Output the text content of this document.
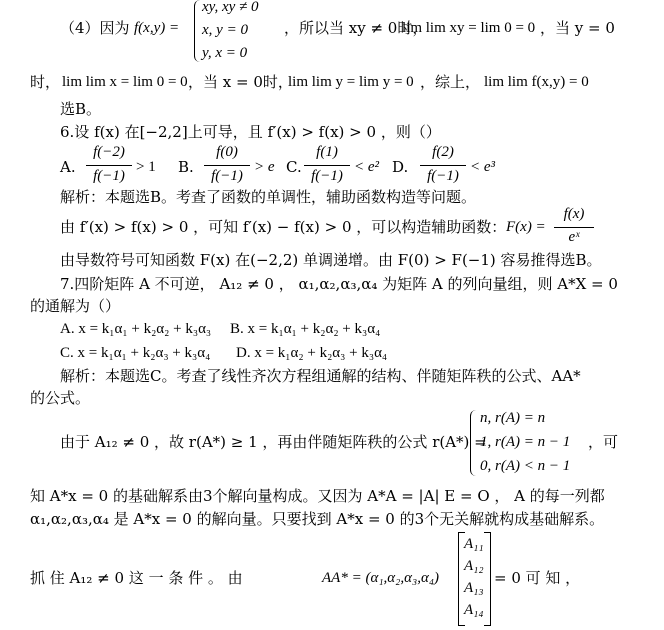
（4）因为 f(x,y) =
xy, xy ≠ 0
x, y = 0
y, x = 0
，所以当 xy ≠ 0时，
lim lim xy = lim 0 = 0 ，当 y = 0
时， lim lim x = lim 0 = 0 ，当 x = 0时，
lim lim y = lim y = 0 ，综上， lim lim f(x,y) = 0
选B。
6.设 f(x) 在[−2,2]上可导，且 f′(x) > f(x) > 0 ，则（）
A.
f(−2)
f(−1)
> 1 B.
f(0)
f(−1)
> e C.
f(1)
f(−1)
< e² D.
f(2)
f(−1)
< e³
解析：本题选B。考查了函数的单调性，辅助函数构造等问题。
由 f′(x) > f(x) > 0 ，可知 f′(x) − f(x) > 0 ，可以构造辅助函数： F(x) =
f(x)
eˣ
由导数符号可知函数 F(x) 在(−2,2) 单调递增。由 F(0) > F(−1) 容易推得选B。
7.四阶矩阵 A 不可逆， A₁₂ ≠ 0 ， α₁,α₂,α₃,α₄ 为矩阵 A 的列向量组，则 A*X = 0
的通解为（）
A. x = k₁α₁ + k₂α₂ + k₃α₃ B. x = k₁α₁ + k₂α₂ + k₃α₄
C. x = k₁α₁ + k₂α₃ + k₃α₄ D. x = k₁α₂ + k₂α₃ + k₃α₄
解析：本题选C。考查了线性齐次方程组通解的结构、伴随矩阵秩的公式、AA*
的公式。
由于 A₁₂ ≠ 0 ，故 r(A*) ≥ 1 ，再由伴随矩阵秩的公式 r(A*) =
n, r(A) = n
1, r(A) = n − 1
0, r(A) < n − 1
，可
知 A*x = 0 的基础解系由3个解向量构成。又因为 A*A = |A| E = O ， A 的每一列都
α₁,α₂,α₃,α₄ 是 A*x = 0 的解向量。只要找到 A*x = 0 的3个无关解就构成基础解系。
抓 住 A₁₂ ≠ 0 这 一 条 件 。 由	AA* = (α₁,α₂,α₃,α₄)
A₁₁
A₁₂
A₁₃
A₁₄
= 0 可 知 ，
